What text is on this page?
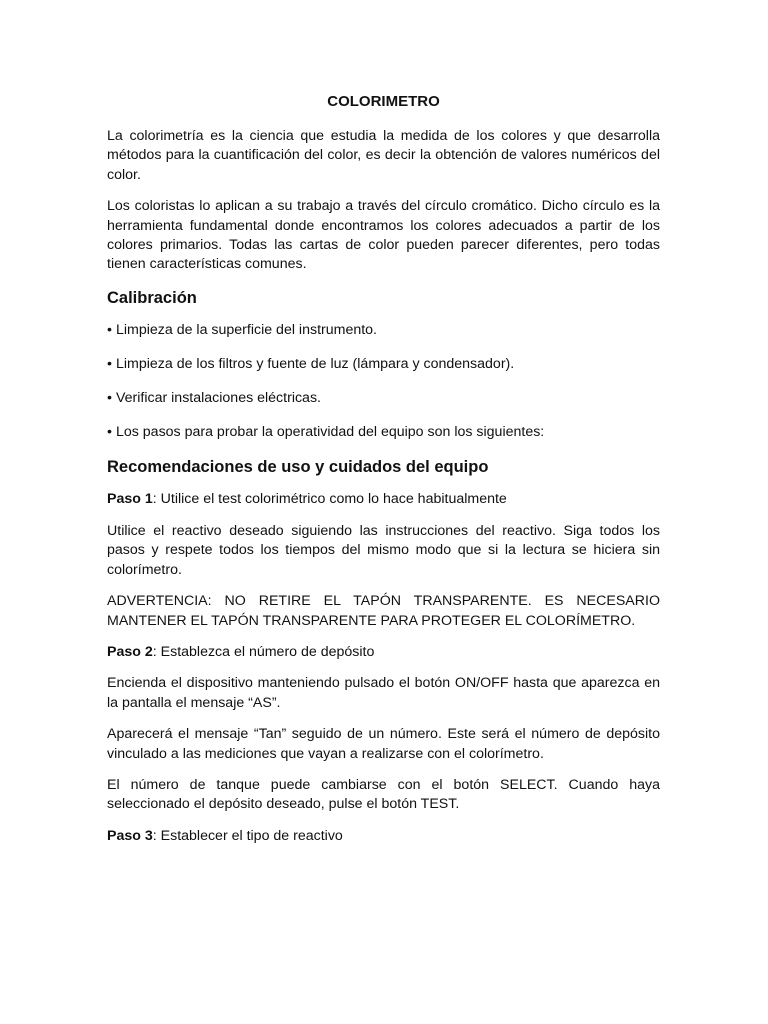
COLORIMETRO

La colorimetría es la ciencia que estudia la medida de los colores y que desarrolla métodos para la cuantificación del color, es decir la obtención de valores numéricos del color.

Los coloristas lo aplican a su trabajo a través del círculo cromático. Dicho círculo es la herramienta fundamental donde encontramos los colores adecuados a partir de los colores primarios. Todas las cartas de color pueden parecer diferentes, pero todas tienen características comunes.

Calibración

• Limpieza de la superficie del instrumento.

• Limpieza de los filtros y fuente de luz (lámpara y condensador).

• Verificar instalaciones eléctricas.

• Los pasos para probar la operatividad del equipo son los siguientes:

Recomendaciones de uso y cuidados del equipo

Paso 1: Utilice el test colorimétrico como lo hace habitualmente

Utilice el reactivo deseado siguiendo las instrucciones del reactivo. Siga todos los pasos y respete todos los tiempos del mismo modo que si la lectura se hiciera sin colorímetro.

ADVERTENCIA: NO RETIRE EL TAPÓN TRANSPARENTE. ES NECESARIO MANTENER EL TAPÓN TRANSPARENTE PARA PROTEGER EL COLORÍMETRO.

Paso 2: Establezca el número de depósito

Encienda el dispositivo manteniendo pulsado el botón ON/OFF hasta que aparezca en la pantalla el mensaje “AS”.

Aparecerá el mensaje “Tan” seguido de un número. Este será el número de depósito vinculado a las mediciones que vayan a realizarse con el colorímetro.

El número de tanque puede cambiarse con el botón SELECT. Cuando haya seleccionado el depósito deseado, pulse el botón TEST.

Paso 3: Establecer el tipo de reactivo
